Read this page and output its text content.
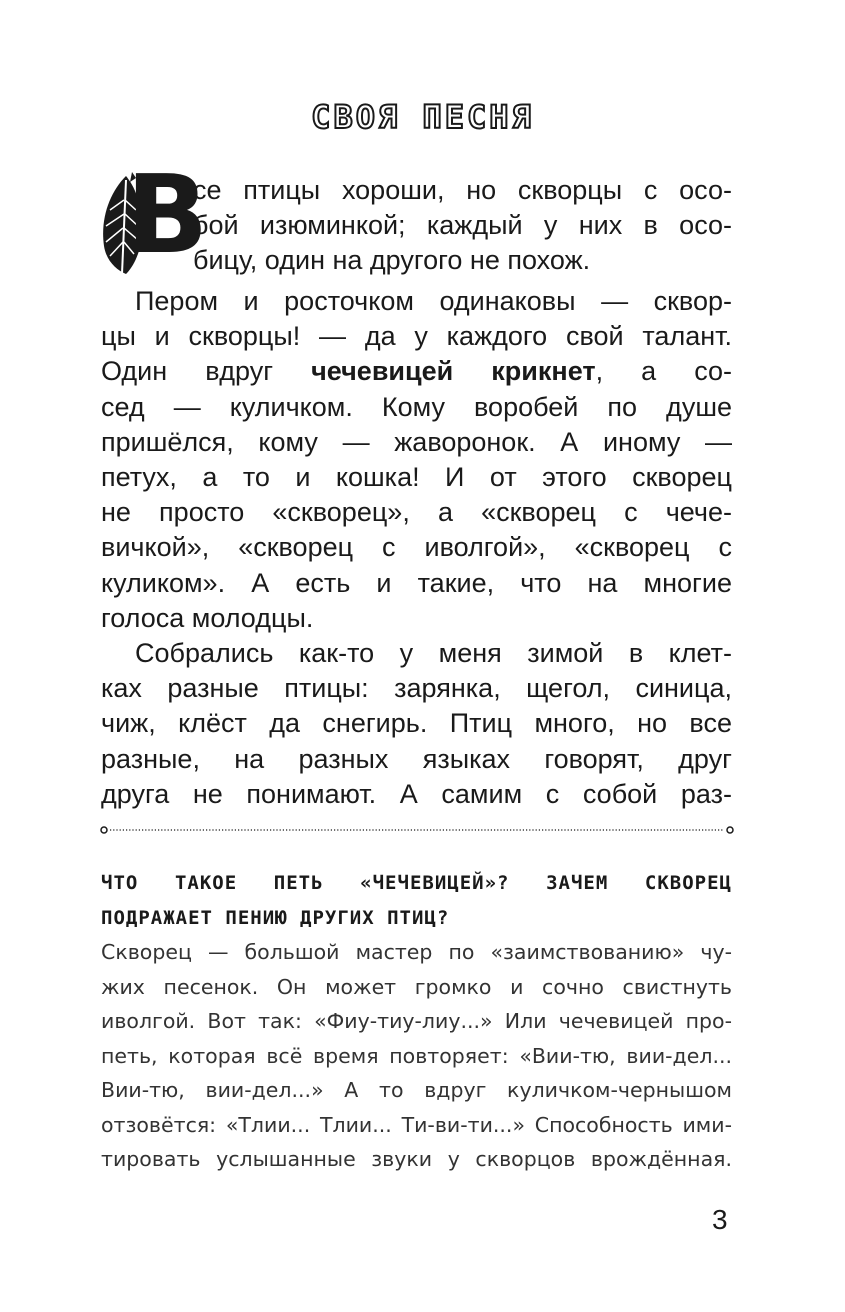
СВОЯ ПЕСНЯ
В
се птицы хороши, но скворцы с осо-
бой изюминкой; каждый у них в осо-
бицу, один на другого не похож.
Пером и росточком одинаковы — сквор-
цы и скворцы! — да у каждого свой талант.
Один вдруг чечевицей крикнет, а со-
сед — куличком. Кому воробей по душе
пришёлся, кому — жаворонок. А иному —
петух, а то и кошка! И от этого скворец
не просто «скворец», а «скворец с чече-
вичкой», «скворец с иволгой», «скворец с
куликом». А есть и такие, что на многие
голоса молодцы.
Собрались как-то у меня зимой в клет-
ках разные птицы: зарянка, щегол, синица,
чиж, клёст да снегирь. Птиц много, но все
разные, на разных языках говорят, друг
друга не понимают. А самим с собой раз-
ЧТО ТАКОЕ ПЕТЬ «ЧЕЧЕВИЦЕЙ»? ЗАЧЕМ СКВОРЕЦ
ПОДРАЖАЕТ ПЕНИЮ ДРУГИХ ПТИЦ?
Скворец — большой мастер по «заимствованию» чу-
жих песенок. Он может громко и сочно свистнуть
иволгой. Вот так: «Фиу-тиу-лиу...» Или чечевицей про-
петь, которая всё время повторяет: «Вии-тю, вии-дел...
Вии-тю, вии-дел...» А то вдруг куличком-чернышом
отзовётся: «Тлии... Тлии... Ти-ви-ти...» Способность ими-
тировать услышанные звуки у скворцов врождённая.
3
